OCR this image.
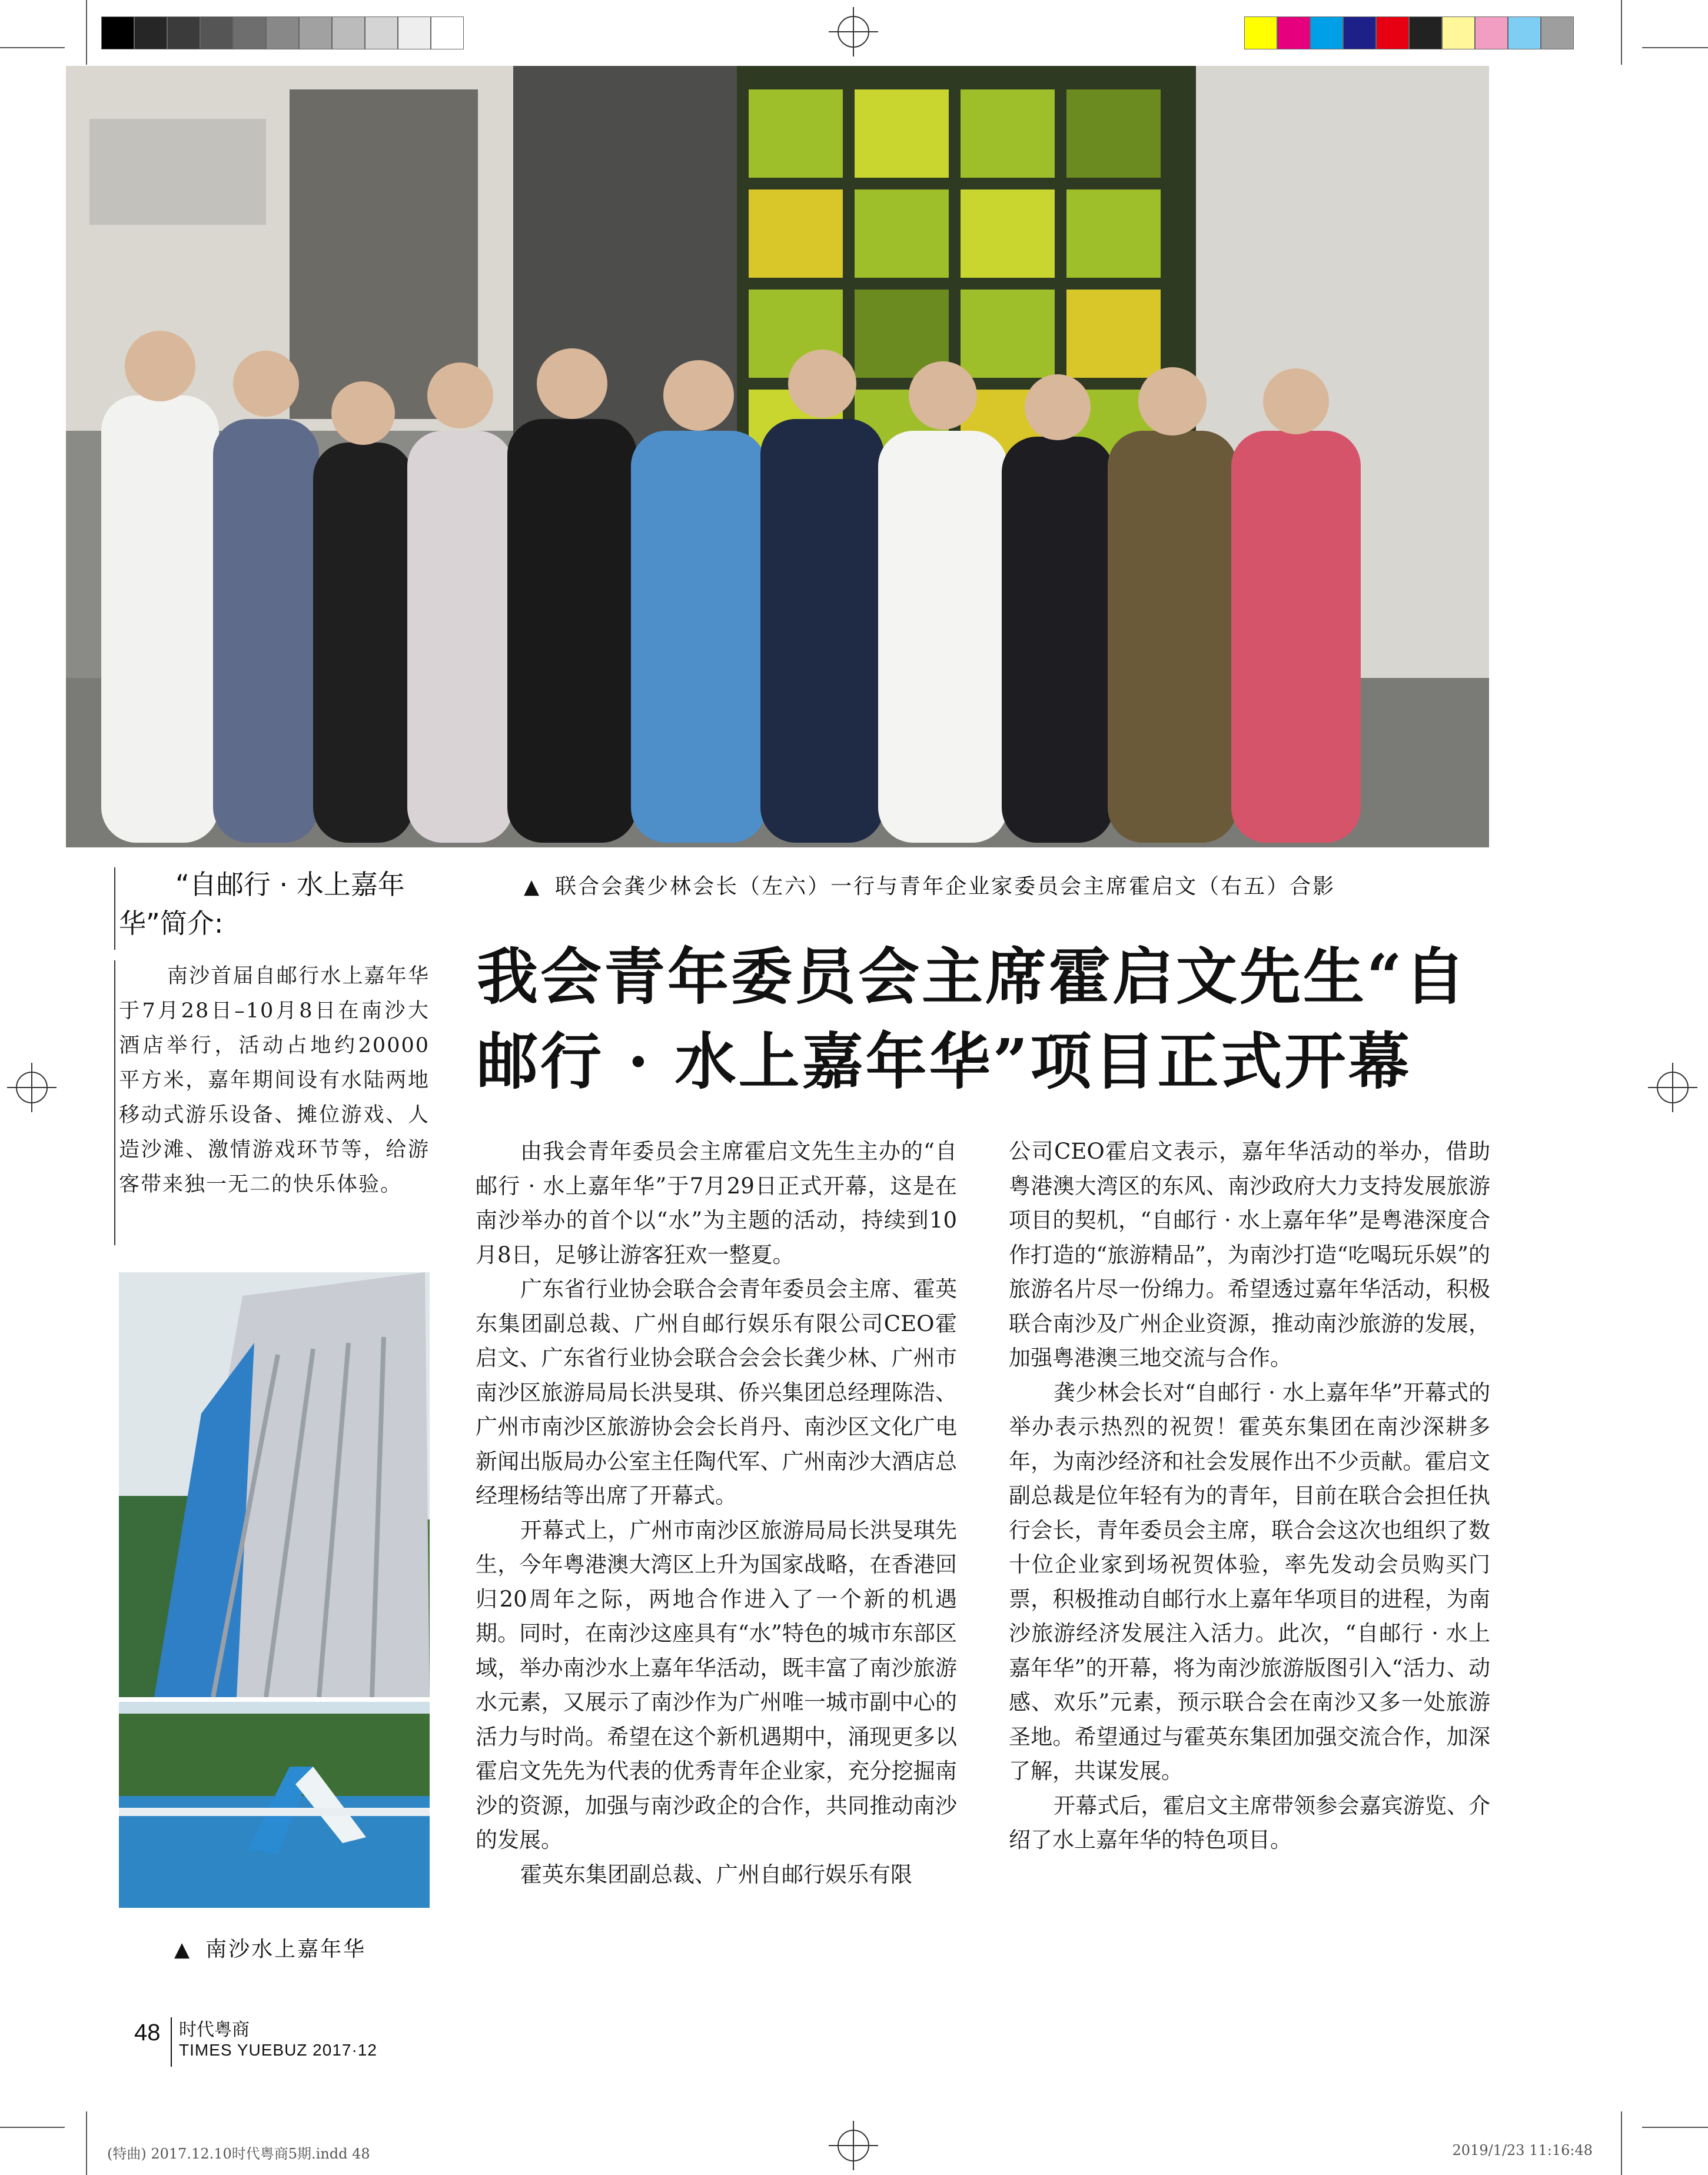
▲ 联合会龚少林会长（左六）一行与青年企业家委员会主席霍启文（右五）合影
“自邮行 · 水上嘉年华”简介:
南沙首届自邮行水上嘉年华于7月28日–10月8日在南沙大酒店举行，活动占地约20000平方米，嘉年期间设有水陆两地移动式游乐设备、摊位游戏、人造沙滩、激情游戏环节等，给游客带来独一无二的快乐体验。
▲ 南沙水上嘉年华
我会青年委员会主席霍启文先生“自邮行 · 水上嘉年华”项目正式开幕

由我会青年委员会主席霍启文先生主办的“自邮行 · 水上嘉年华”于7月29日正式开幕，这是在南沙举办的首个以“水”为主题的活动，持续到10月8日，足够让游客狂欢一整夏。

广东省行业协会联合会青年委员会主席、霍英东集团副总裁、广州自邮行娱乐有限公司CEO霍启文、广东省行业协会联合会会长龚少林、广州市南沙区旅游局局长洪旻琪、侨兴集团总经理陈浩、广州市南沙区旅游协会会长肖丹、南沙区文化广电新闻出版局办公室主任陶代军、广州南沙大酒店总经理杨结等出席了开幕式。

开幕式上，广州市南沙区旅游局局长洪旻琪先生，今年粤港澳大湾区上升为国家战略，在香港回归20周年之际，两地合作进入了一个新的机遇期。同时，在南沙这座具有“水”特色的城市东部区域，举办南沙水上嘉年华活动，既丰富了南沙旅游水元素，又展示了南沙作为广州唯一城市副中心的活力与时尚。希望在这个新机遇期中，涌现更多以霍启文先先为代表的优秀青年企业家，充分挖掘南沙的资源，加强与南沙政企的合作，共同推动南沙的发展。

霍英东集团副总裁、广州自邮行娱乐有限

公司CEO霍启文表示，嘉年华活动的举办，借助粤港澳大湾区的东风、南沙政府大力支持发展旅游项目的契机，“自邮行 · 水上嘉年华”是粤港深度合作打造的“旅游精品”，为南沙打造“吃喝玩乐娱”的旅游名片尽一份绵力。希望透过嘉年华活动，积极联合南沙及广州企业资源，推动南沙旅游的发展，加强粤港澳三地交流与合作。

龚少林会长对“自邮行 · 水上嘉年华”开幕式的举办表示热烈的祝贺！霍英东集团在南沙深耕多年，为南沙经济和社会发展作出不少贡献。霍启文副总裁是位年轻有为的青年，目前在联合会担任执行会长，青年委员会主席，联合会这次也组织了数十位企业家到场祝贺体验，率先发动会员购买门票，积极推动自邮行水上嘉年华项目的进程，为南沙旅游经济发展注入活力。此次，“自邮行 · 水上嘉年华”的开幕，将为南沙旅游版图引入“活力、动感、欢乐”元素，预示联合会在南沙又多一处旅游圣地。希望通过与霍英东集团加强交流合作，加深了解，共谋发展。

开幕式后，霍启文主席带领参会嘉宾游览、介绍了水上嘉年华的特色项目。

48 时代粤商
TIMES YUEBUZ 2017·12
(特曲) 2017.12.10时代粤商5期.indd 48	2019/1/23 11:16:48
